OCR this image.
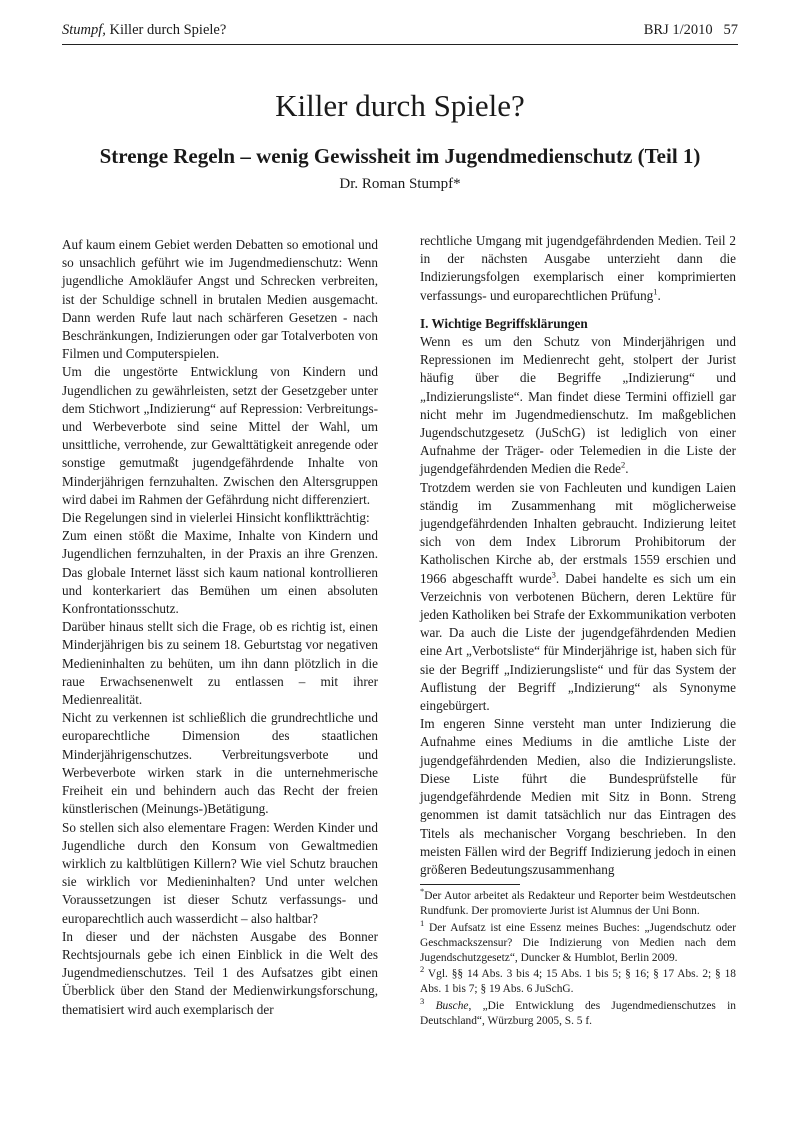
Stumpf, Killer durch Spiele?	BRJ 1/2010 57
Killer durch Spiele?
Strenge Regeln – wenig Gewissheit im Jugendmedienschutz (Teil 1)

Dr. Roman Stumpf*

Auf kaum einem Gebiet werden Debatten so emotional und so unsachlich geführt wie im Jugendmedienschutz: Wenn jugendliche Amokläufer Angst und Schrecken verbreiten, ist der Schuldige schnell in brutalen Medien ausgemacht. Dann werden Rufe laut nach schärferen Gesetzen - nach Beschränkungen, Indizierungen oder gar Totalverboten von Filmen und Computerspielen.

Um die ungestörte Entwicklung von Kindern und Jugendlichen zu gewährleisten, setzt der Gesetzgeber unter dem Stichwort „Indizierung“ auf Repression: Verbreitungs- und Werbeverbote sind seine Mittel der Wahl, um unsittliche, verrohende, zur Gewalttätigkeit anregende oder sonstige gemutmaßt jugendgefährdende Inhalte von Minderjährigen fernzuhalten. Zwischen den Altersgruppen wird dabei im Rahmen der Gefährdung nicht differenziert.

Die Regelungen sind in vielerlei Hinsicht konfliktträchtig:

Zum einen stößt die Maxime, Inhalte von Kindern und Jugendlichen fernzuhalten, in der Praxis an ihre Grenzen. Das globale Internet lässt sich kaum national kontrollieren und konterkariert das Bemühen um einen absoluten Konfrontationsschutz.

Darüber hinaus stellt sich die Frage, ob es richtig ist, einen Minderjährigen bis zu seinem 18. Geburtstag vor negativen Medieninhalten zu behüten, um ihn dann plötzlich in die raue Erwachsenenwelt zu entlassen – mit ihrer Medienrealität.

Nicht zu verkennen ist schließlich die grundrechtliche und europarechtliche Dimension des staatlichen Minderjährigenschutzes. Verbreitungsverbote und Werbeverbote wirken stark in die unternehmerische Freiheit ein und behindern auch das Recht der freien künstlerischen (Meinungs-)Betätigung.

So stellen sich also elementare Fragen: Werden Kinder und Jugendliche durch den Konsum von Gewaltmedien wirklich zu kaltblütigen Killern? Wie viel Schutz brauchen sie wirklich vor Medieninhalten? Und unter welchen Voraussetzungen ist dieser Schutz verfassungs- und europarechtlich auch wasserdicht – also haltbar?

In dieser und der nächsten Ausgabe des Bonner Rechtsjournals gebe ich einen Einblick in die Welt des Jugendmedienschutzes. Teil 1 des Aufsatzes gibt einen Überblick über den Stand der Medienwirkungsforschung, thematisiert wird auch exemplarisch der

rechtliche Umgang mit jugendgefährdenden Medien. Teil 2 in der nächsten Ausgabe unterzieht dann die Indizierungsfolgen exemplarisch einer komprimierten verfassungs- und europarechtlichen Prüfung$^1$.

I. Wichtige Begriffsklärungen

Wenn es um den Schutz von Minderjährigen und Repressionen im Medienrecht geht, stolpert der Jurist häufig über die Begriffe „Indizierung“ und „Indizierungsliste“. Man findet diese Termini offiziell gar nicht mehr im Jugendmedienschutz. Im maßgeblichen Jugendschutzgesetz (JuSchG) ist lediglich von einer Aufnahme der Träger- oder Telemedien in die Liste der jugendgefährdenden Medien die Rede$^2$.

Trotzdem werden sie von Fachleuten und kundigen Laien ständig im Zusammenhang mit möglicherweise jugendgefährdenden Inhalten gebraucht. Indizierung leitet sich von dem Index Librorum Prohibitorum der Katholischen Kirche ab, der erstmals 1559 erschien und 1966 abgeschafft wurde$^3$. Dabei handelte es sich um ein Verzeichnis von verbotenen Büchern, deren Lektüre für jeden Katholiken bei Strafe der Exkommunikation verboten war. Da auch die Liste der jugendgefährdenden Medien eine Art „Verbotsliste“ für Minderjährige ist, haben sich für sie der Begriff „Indizierungsliste“ und für das System der Auflistung der Begriff „Indizierung“ als Synonyme eingebürgert.

Im engeren Sinne versteht man unter Indizierung die Aufnahme eines Mediums in die amtliche Liste der jugendgefährdenden Medien, also die Indizierungsliste. Diese Liste führt die Bundesprüfstelle für jugendgefährdende Medien mit Sitz in Bonn. Streng genommen ist damit tatsächlich nur das Eintragen des Titels als mechanischer Vorgang beschrieben. In den meisten Fällen wird der Begriff Indizierung jedoch in einen größeren Bedeutungszusammenhang

*Der Autor arbeitet als Redakteur und Reporter beim Westdeutschen Rundfunk. Der promovierte Jurist ist Alumnus der Uni Bonn.

$^1$ Der Aufsatz ist eine Essenz meines Buches: „Jugendschutz oder Geschmackszensur? Die Indizierung von Medien nach dem Jugendschutzgesetz“, Duncker & Humblot, Berlin 2009.

$^2$ Vgl. §§ 14 Abs. 3 bis 4; 15 Abs. 1 bis 5; § 16; § 17 Abs. 2; § 18 Abs. 1 bis 7; § 19 Abs. 6 JuSchG.

$^3$ Busche, „Die Entwicklung des Jugendmedienschutzes in Deutschland“, Würzburg 2005, S. 5 f.
